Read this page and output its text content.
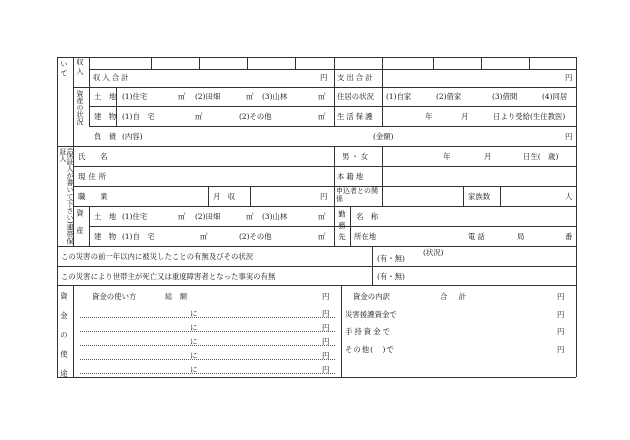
いて 収入
(保証人が書いて下さい)連帯保証人
資産の状況
資産
資金の使途
収入合計	円 支出合計	円
土　地 (1)住宅	㎡ (2)田畑	㎡ (3)山林	㎡ 住居の状況 (1)自家	(2)借家	(3)借間	(4)同居
建　物 (1)自　宅	㎡	(2)その他	㎡ 生活保護	年	月	日より受給(生住教医)
負　債 (内容)	(金額)	円
氏　　名	男・女	年	月	日生(　歳)
現住所	本籍地
職　　業	月　収	円
申込者との関　係	家族数	人
土　地 (1)住宅	㎡ (2)田畑	㎡ (3)山林	㎡ 勤務先 名　称
建　物 (1)自　宅	㎡	(2)その他	㎡	所在地	電話	局	番
この災害の前一年以内に被災したことの有無及びその状況	(有・無)
(状況)
この災害により世帯主が死亡又は重度障害者となった事実の有無	(有・無)
資金の使い方	総　額	円
に	円
に	円
に	円
に	円
に	円
資金の内訳	合　計	円
災害援護資金で	円
手持資金で	円
その他(　)で	円
